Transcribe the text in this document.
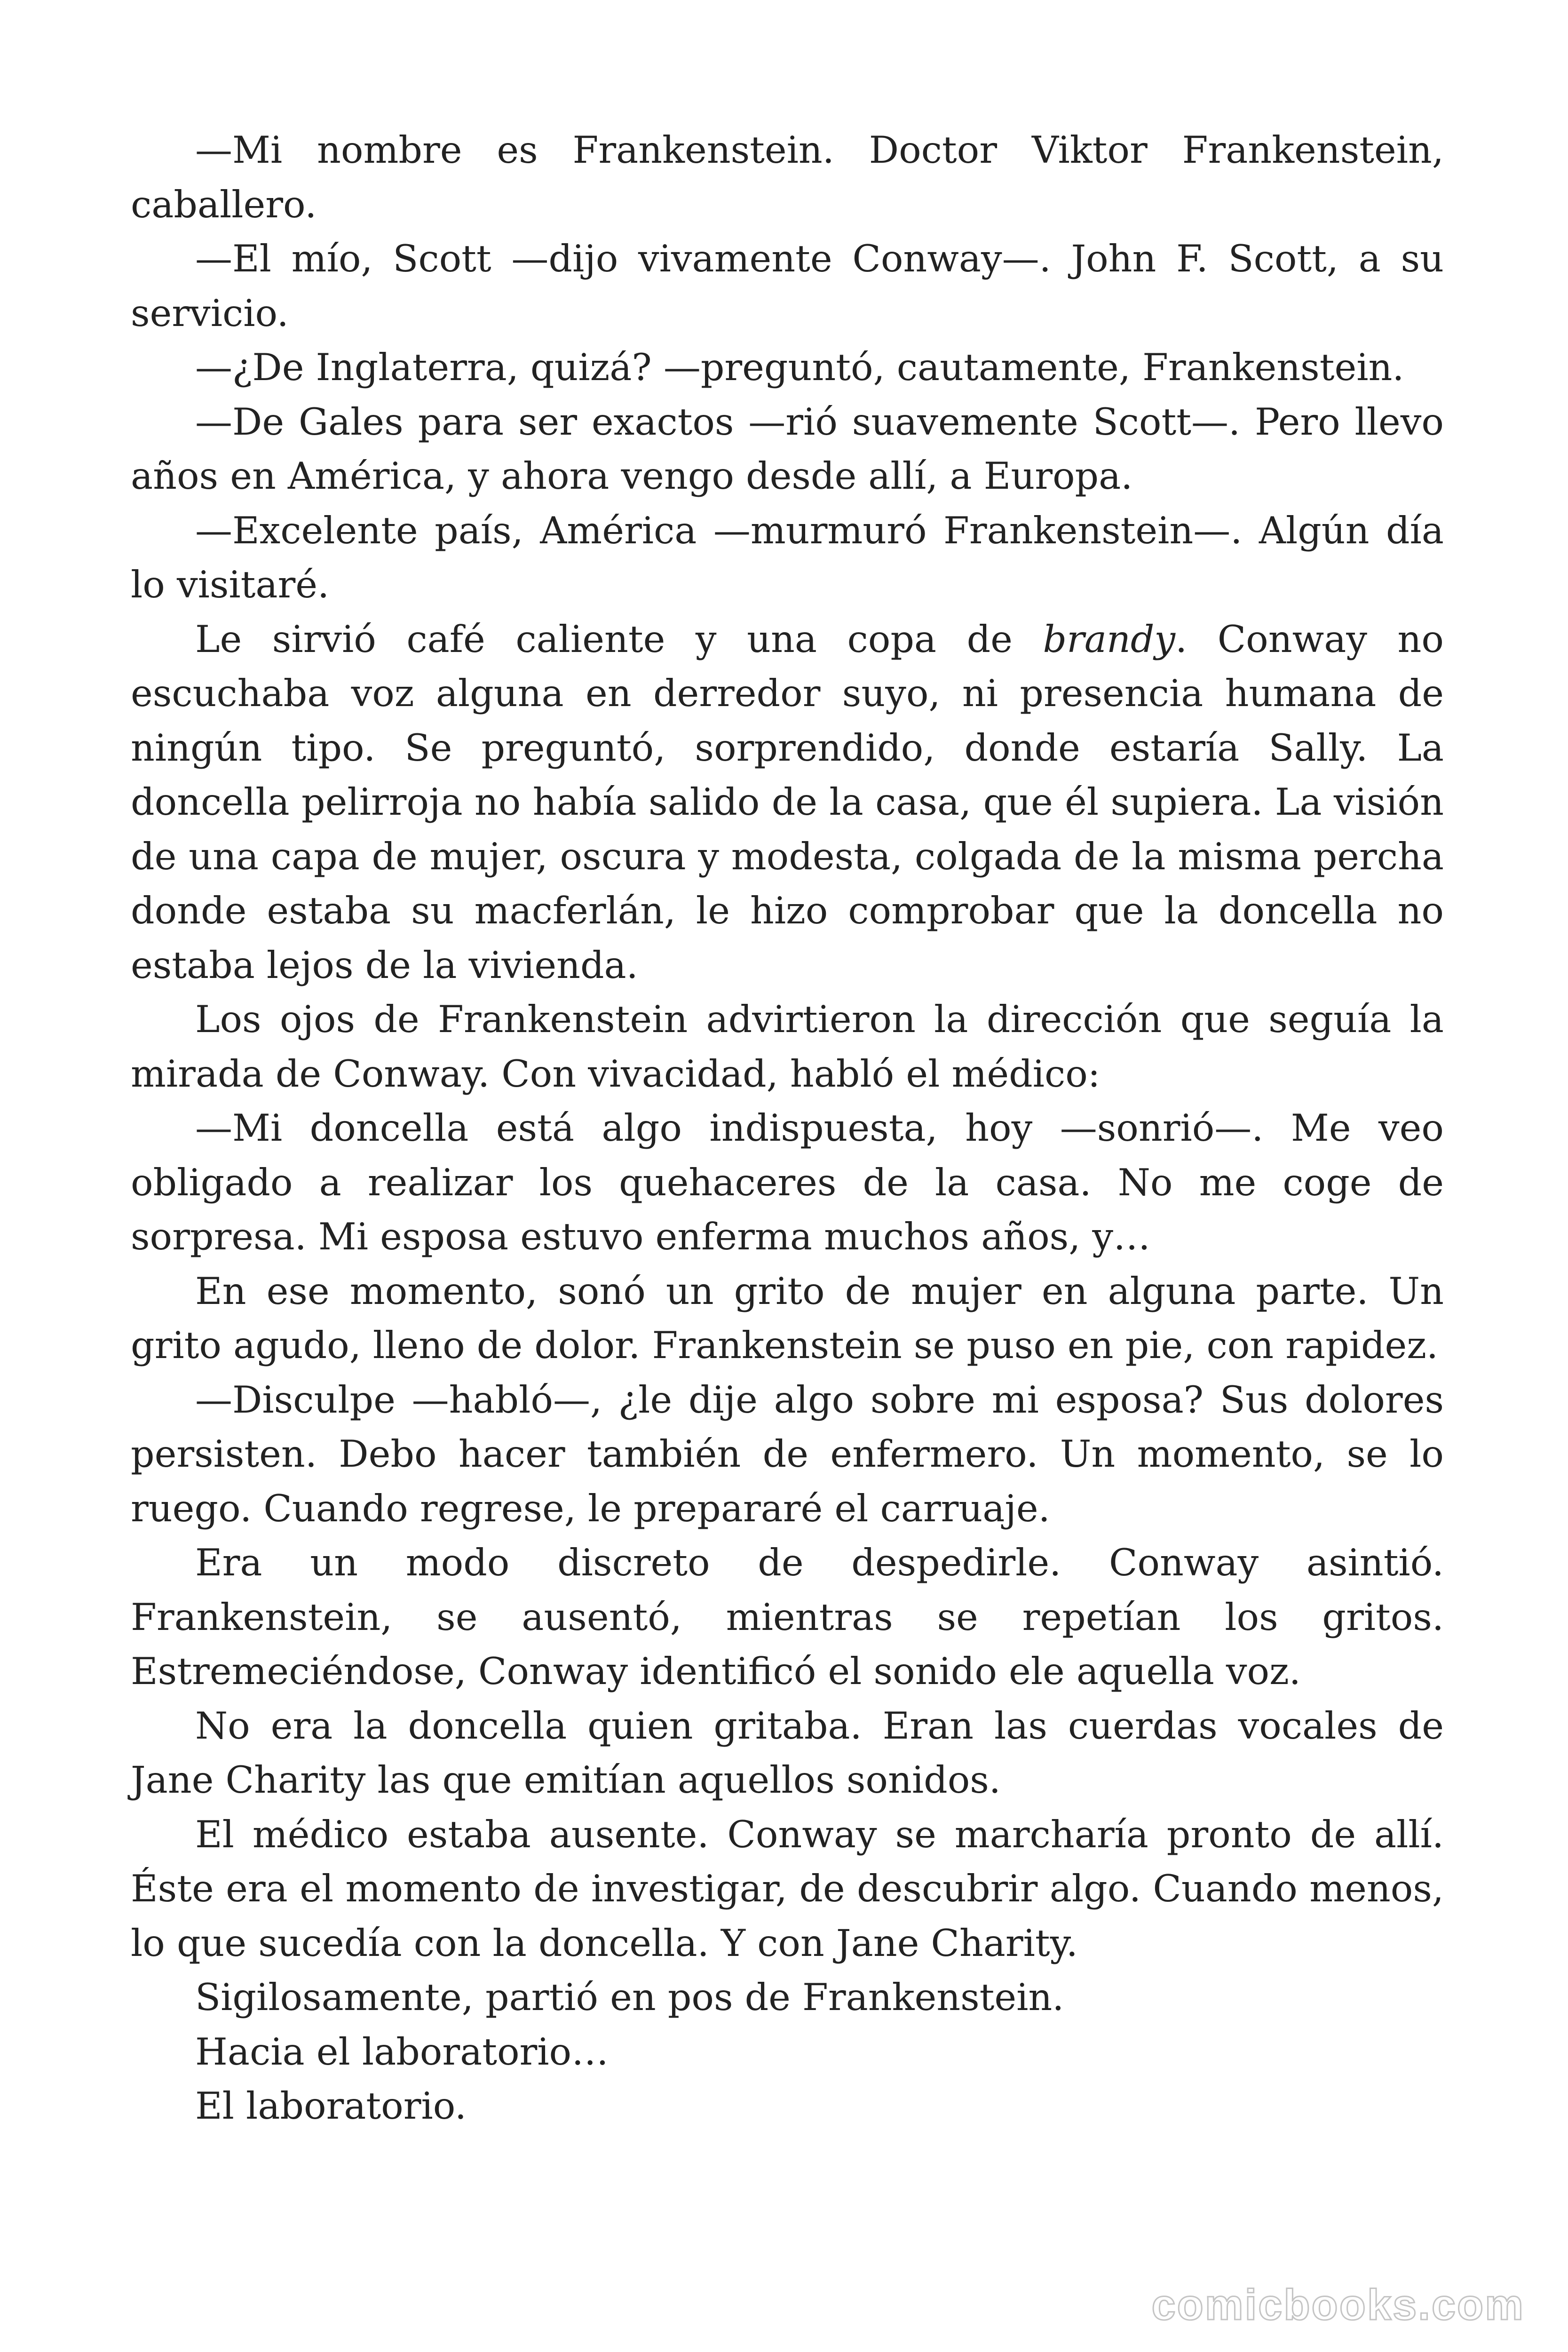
—Mi nombre es Frankenstein. Doctor Viktor Frankenstein, caballero.

—El mío, Scott —dijo vivamente Conway—. John F. Scott, a su servicio.

—¿De Inglaterra, quizá? —preguntó, cautamente, Frankenstein.

—De Gales para ser exactos —rió suavemente Scott—. Pero llevo años en América, y ahora vengo desde allí, a Europa.

—Excelente país, América —murmuró Frankenstein—. Algún día lo visitaré.

Le sirvió café caliente y una copa de brandy. Conway no escuchaba voz alguna en derredor suyo, ni presencia humana de ningún tipo. Se preguntó, sorprendido, donde estaría Sally. La doncella pelirroja no había salido de la casa, que él supiera. La visión de una capa de mujer, oscura y modesta, colgada de la misma percha donde estaba su macferlán, le hizo comprobar que la doncella no estaba lejos de la vivienda.

Los ojos de Frankenstein advirtieron la dirección que seguía la mirada de Conway. Con vivacidad, habló el médico:

—Mi doncella está algo indispuesta, hoy —sonrió—. Me veo obligado a realizar los quehaceres de la casa. No me coge de sorpresa. Mi esposa estuvo enferma muchos años, y…

En ese momento, sonó un grito de mujer en alguna parte. Un grito agudo, lleno de dolor. Frankenstein se puso en pie, con rapidez.

—Disculpe —habló—, ¿le dije algo sobre mi esposa? Sus dolores persisten. Debo hacer también de enfermero. Un momento, se lo ruego. Cuando regrese, le prepararé el carruaje.

Era un modo discreto de despedirle. Conway asintió. Frankenstein, se ausentó, mientras se repetían los gritos. Estremeciéndose, Conway identificó el sonido ele aquella voz.

No era la doncella quien gritaba. Eran las cuerdas vocales de Jane Charity las que emitían aquellos sonidos.

El médico estaba ausente. Conway se marcharía pronto de allí. Éste era el momento de investigar, de descubrir algo. Cuando menos, lo que sucedía con la doncella. Y con Jane Charity.

Sigilosamente, partió en pos de Frankenstein.

Hacia el laboratorio…

El laboratorio.

comicbooks.com
